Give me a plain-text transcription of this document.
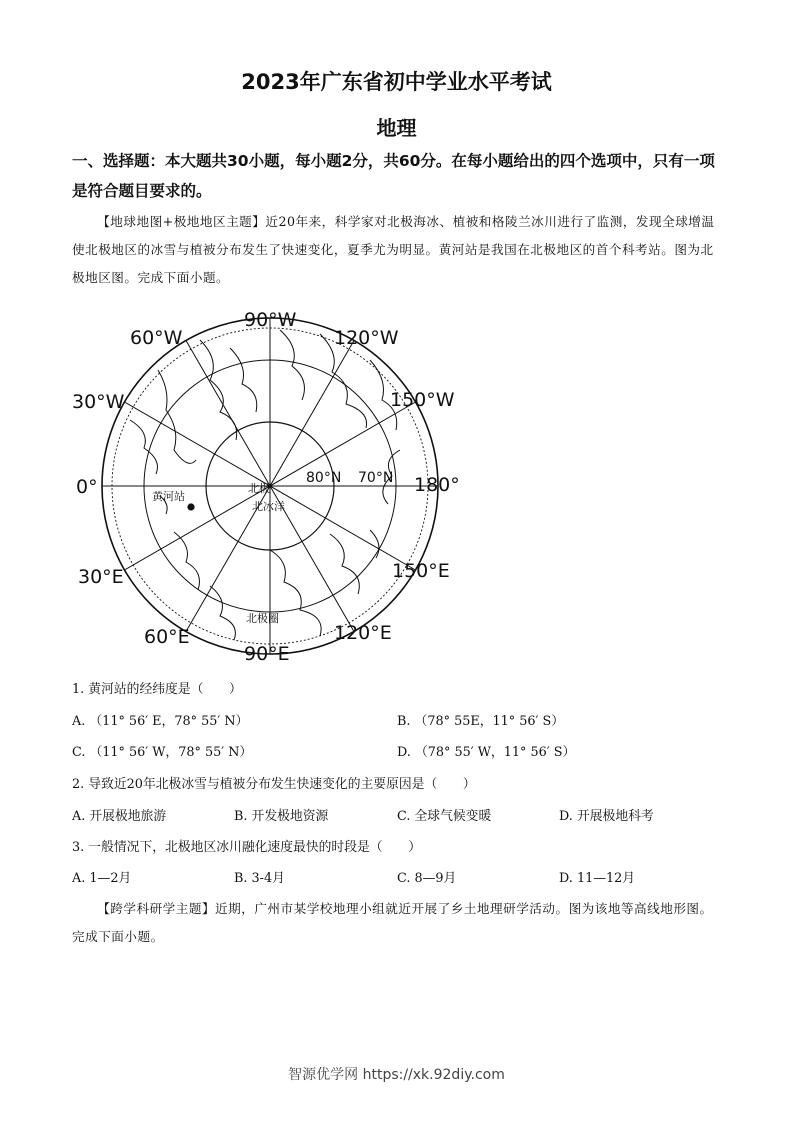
2023年广东省初中学业水平考试
地理
一、选择题：本大题共30小题，每小题2分，共60分。在每小题给出的四个选项中，只有一项是符合题目要求的。
【地球地图+极地地区主题】近20年来，科学家对北极海冰、植被和格陵兰冰川进行了监测，发现全球增温使北极地区的冰雪与植被分布发生了快速变化，夏季尤为明显。黄河站是我国在北极地区的首个科考站。图为北极地区图。完成下面小题。
90°W
60°W	120°W
30°W	150°W
0°	180°
30°E	150°E
60°E	120°E
90°E
80°N 70°N
黄河站
北极
北冰洋
北极圈
1. 黄河站的经纬度是（　　）
A. （11° 56′ E，78° 55′ N）	B. （78° 55E，11° 56′ S）
C. （11° 56′ W，78° 55′ N）	D. （78° 55′ W，11° 56′ S）
2. 导致近20年北极冰雪与植被分布发生快速变化的主要原因是（　　）
A. 开展极地旅游	B. 开发极地资源	C. 全球气候变暖	D. 开展极地科考
3. 一般情况下，北极地区冰川融化速度最快的时段是（　　）
A. 1—2月	B. 3-4月	C. 8—9月	D. 11—12月
【跨学科研学主题】近期，广州市某学校地理小组就近开展了乡土地理研学活动。图为该地等高线地形图。完成下面小题。
智源优学网 https://xk.92diy.com
